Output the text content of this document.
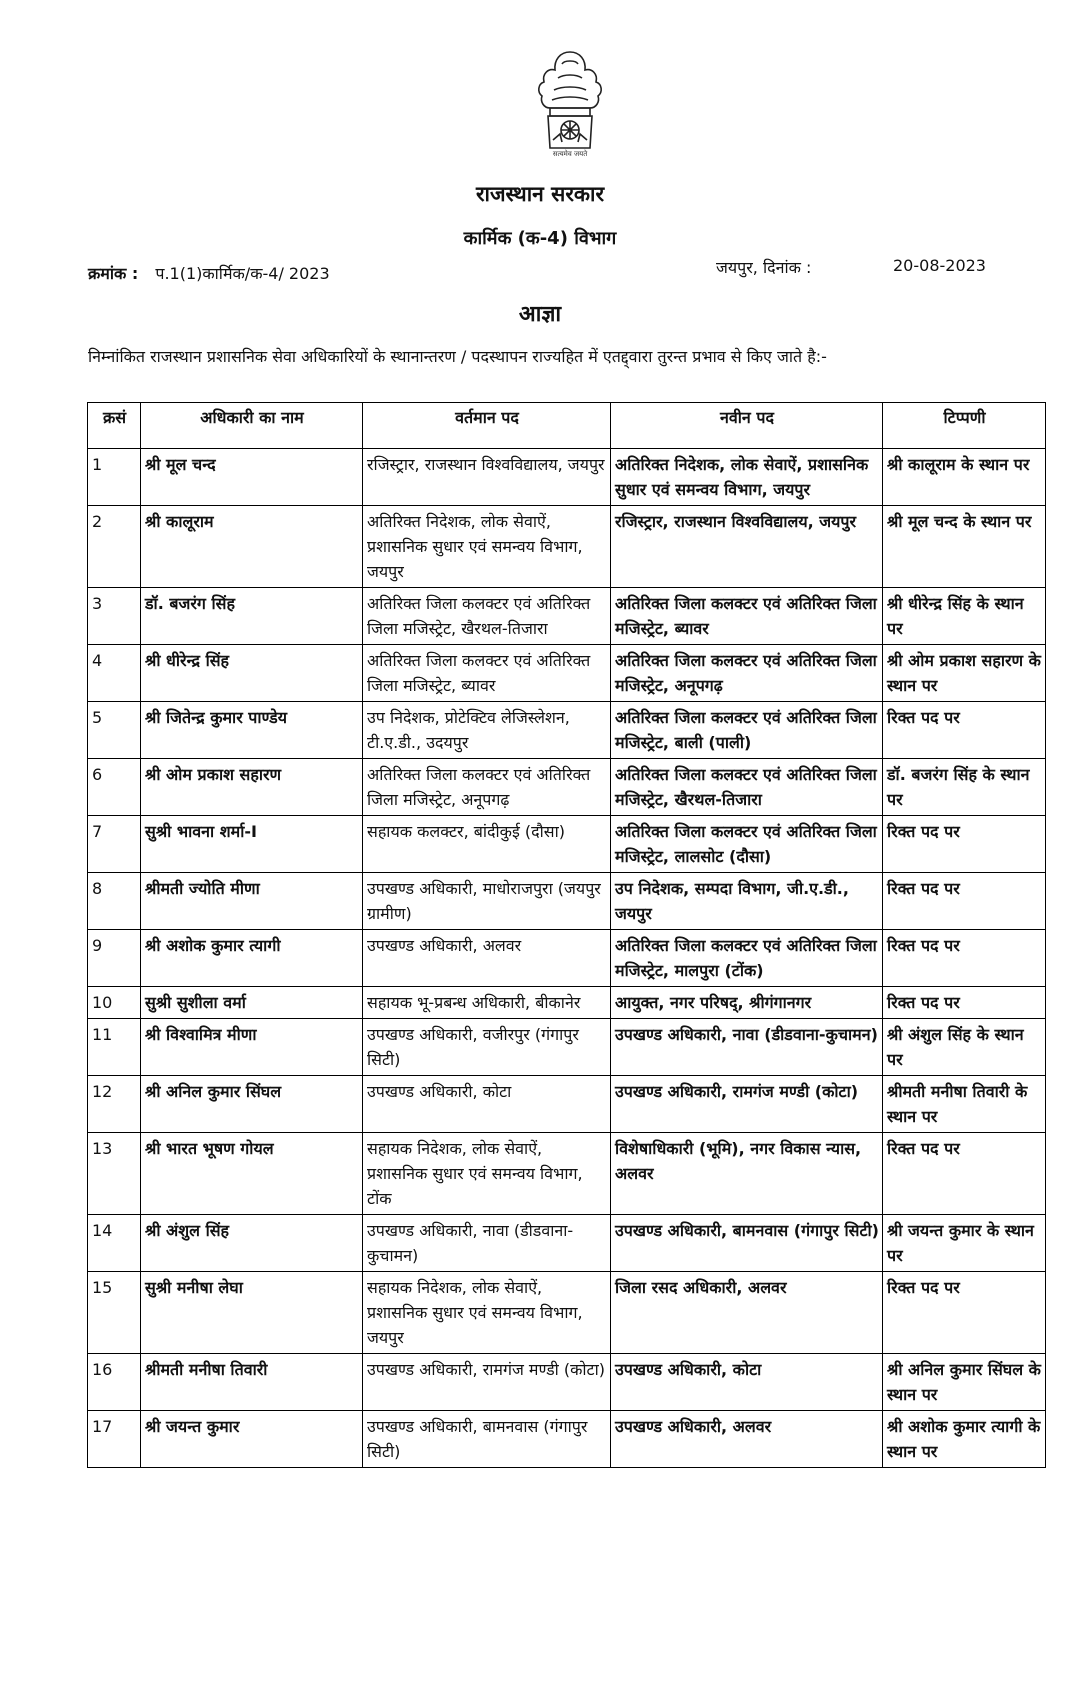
सत्यमेव जयते
राजस्थान सरकार
कार्मिक (क-4) विभाग
क्रमांक : प.1(1)कार्मिक/क-4/ 2023	जयपुर, दिनांक :	20-08-2023
आज्ञा
निम्नांकित राजस्थान प्रशासनिक सेवा अधिकारियों के स्थानान्तरण / पदस्थापन राज्यहित में एतद्द्वारा तुरन्त प्रभाव से किए जाते है:-
क्रसं	अधिकारी का नाम	वर्तमान पद	नवीन पद	टिप्पणी
1	श्री मूल चन्द	रजिस्ट्रार, राजस्थान विश्वविद्यालय, जयपुर	अतिरिक्त निदेशक, लोक सेवाऐं, प्रशासनिक सुधार एवं समन्वय विभाग, जयपुर	श्री कालूराम के स्थान पर
2	श्री कालूराम	अतिरिक्त निदेशक, लोक सेवाऐं, प्रशासनिक सुधार एवं समन्वय विभाग, जयपुर	रजिस्ट्रार, राजस्थान विश्वविद्यालय, जयपुर	श्री मूल चन्द के स्थान पर
3	डॉ. बजरंग सिंह	अतिरिक्त जिला कलक्टर एवं अतिरिक्त जिला मजिस्ट्रेट, खैरथल-तिजारा	अतिरिक्त जिला कलक्टर एवं अतिरिक्त जिला मजिस्ट्रेट, ब्यावर	श्री धीरेन्द्र सिंह के स्थान पर
4	श्री धीरेन्द्र सिंह	अतिरिक्त जिला कलक्टर एवं अतिरिक्त जिला मजिस्ट्रेट, ब्यावर	अतिरिक्त जिला कलक्टर एवं अतिरिक्त जिला मजिस्ट्रेट, अनूपगढ़	श्री ओम प्रकाश सहारण के स्थान पर
5	श्री जितेन्द्र कुमार पाण्डेय	उप निदेशक, प्रोटेक्टिव लेजिस्लेशन, टी.ए.डी., उदयपुर	अतिरिक्त जिला कलक्टर एवं अतिरिक्त जिला मजिस्ट्रेट, बाली (पाली)	रिक्त पद पर
6	श्री ओम प्रकाश सहारण	अतिरिक्त जिला कलक्टर एवं अतिरिक्त जिला मजिस्ट्रेट, अनूपगढ़	अतिरिक्त जिला कलक्टर एवं अतिरिक्त जिला मजिस्ट्रेट, खैरथल-तिजारा	डॉ. बजरंग सिंह के स्थान पर
7	सुश्री भावना शर्मा-I	सहायक कलक्टर, बांदीकुई (दौसा)	अतिरिक्त जिला कलक्टर एवं अतिरिक्त जिला मजिस्ट्रेट, लालसोट (दौसा)	रिक्त पद पर
8	श्रीमती ज्योति मीणा	उपखण्ड अधिकारी, माधोराजपुरा (जयपुर ग्रामीण)	उप निदेशक, सम्पदा विभाग, जी.ए.डी., जयपुर	रिक्त पद पर
9	श्री अशोक कुमार त्यागी	उपखण्ड अधिकारी, अलवर	अतिरिक्त जिला कलक्टर एवं अतिरिक्त जिला मजिस्ट्रेट, मालपुरा (टोंक)	रिक्त पद पर
10	सुश्री सुशीला वर्मा	सहायक भू-प्रबन्ध अधिकारी, बीकानेर	आयुक्त, नगर परिषद्, श्रीगंगानगर	रिक्त पद पर
11	श्री विश्वामित्र मीणा	उपखण्ड अधिकारी, वजीरपुर (गंगापुर सिटी)	उपखण्ड अधिकारी, नावा (डीडवाना-कुचामन)	श्री अंशुल सिंह के स्थान पर
12	श्री अनिल कुमार सिंघल	उपखण्ड अधिकारी, कोटा	उपखण्ड अधिकारी, रामगंज मण्डी (कोटा)	श्रीमती मनीषा तिवारी के स्थान पर
13	श्री भारत भूषण गोयल	सहायक निदेशक, लोक सेवाऐं, प्रशासनिक सुधार एवं समन्वय विभाग, टोंक	विशेषाधिकारी (भूमि), नगर विकास न्यास, अलवर	रिक्त पद पर
14	श्री अंशुल सिंह	उपखण्ड अधिकारी, नावा (डीडवाना-कुचामन)	उपखण्ड अधिकारी, बामनवास (गंगापुर सिटी)	श्री जयन्त कुमार के स्थान पर
15	सुश्री मनीषा लेघा	सहायक निदेशक, लोक सेवाऐं, प्रशासनिक सुधार एवं समन्वय विभाग, जयपुर	जिला रसद अधिकारी, अलवर	रिक्त पद पर
16	श्रीमती मनीषा तिवारी	उपखण्ड अधिकारी, रामगंज मण्डी (कोटा)	उपखण्ड अधिकारी, कोटा	श्री अनिल कुमार सिंघल के स्थान पर
17	श्री जयन्त कुमार	उपखण्ड अधिकारी, बामनवास (गंगापुर सिटी)	उपखण्ड अधिकारी, अलवर	श्री अशोक कुमार त्यागी के स्थान पर
